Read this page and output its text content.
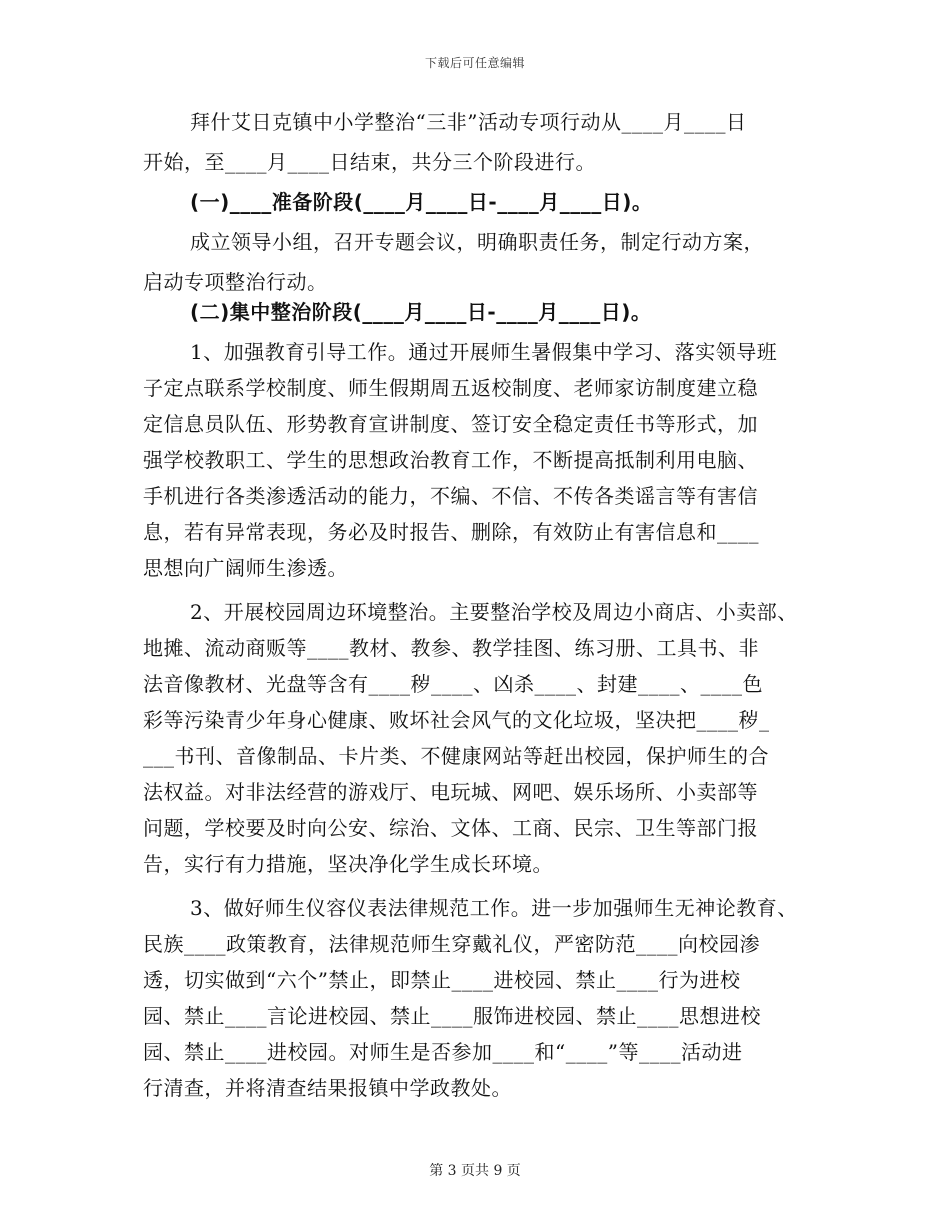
下载后可任意编辑
拜什艾日克镇中小学整治“三非”活动专项行动从____月____日
开始，至____月____日结束，共分三个阶段进行。
(一)____准备阶段(____月____日-____月____日)。
成立领导小组，召开专题会议，明确职责任务，制定行动方案，
启动专项整治行动。
(二)集中整治阶段(____月____日-____月____日)。
1、加强教育引导工作。通过开展师生暑假集中学习、落实领导班
子定点联系学校制度、师生假期周五返校制度、老师家访制度建立稳
定信息员队伍、形势教育宣讲制度、签订安全稳定责任书等形式，加
强学校教职工、学生的思想政治教育工作，不断提高抵制利用电脑、
手机进行各类渗透活动的能力，不编、不信、不传各类谣言等有害信
息，若有异常表现，务必及时报告、删除，有效防止有害信息和____
思想向广阔师生渗透。
2、开展校园周边环境整治。主要整治学校及周边小商店、小卖部、
地摊、流动商贩等____教材、教参、教学挂图、练习册、工具书、非
法音像教材、光盘等含有____秽____、凶杀____、封建____、____色
彩等污染青少年身心健康、败坏社会风气的文化垃圾，坚决把____秽_
___书刊、音像制品、卡片类、不健康网站等赶出校园，保护师生的合
法权益。对非法经营的游戏厅、电玩城、网吧、娱乐场所、小卖部等
问题，学校要及时向公安、综治、文体、工商、民宗、卫生等部门报
告，实行有力措施，坚决净化学生成长环境。
3、做好师生仪容仪表法律规范工作。进一步加强师生无神论教育、
民族____政策教育，法律规范师生穿戴礼仪，严密防范____向校园渗
透，切实做到“六个”禁止，即禁止____进校园、禁止____行为进校
园、禁止____言论进校园、禁止____服饰进校园、禁止____思想进校
园、禁止____进校园。对师生是否参加____和“____”等____活动进
行清查，并将清查结果报镇中学政教处。
第 3 页共 9 页
